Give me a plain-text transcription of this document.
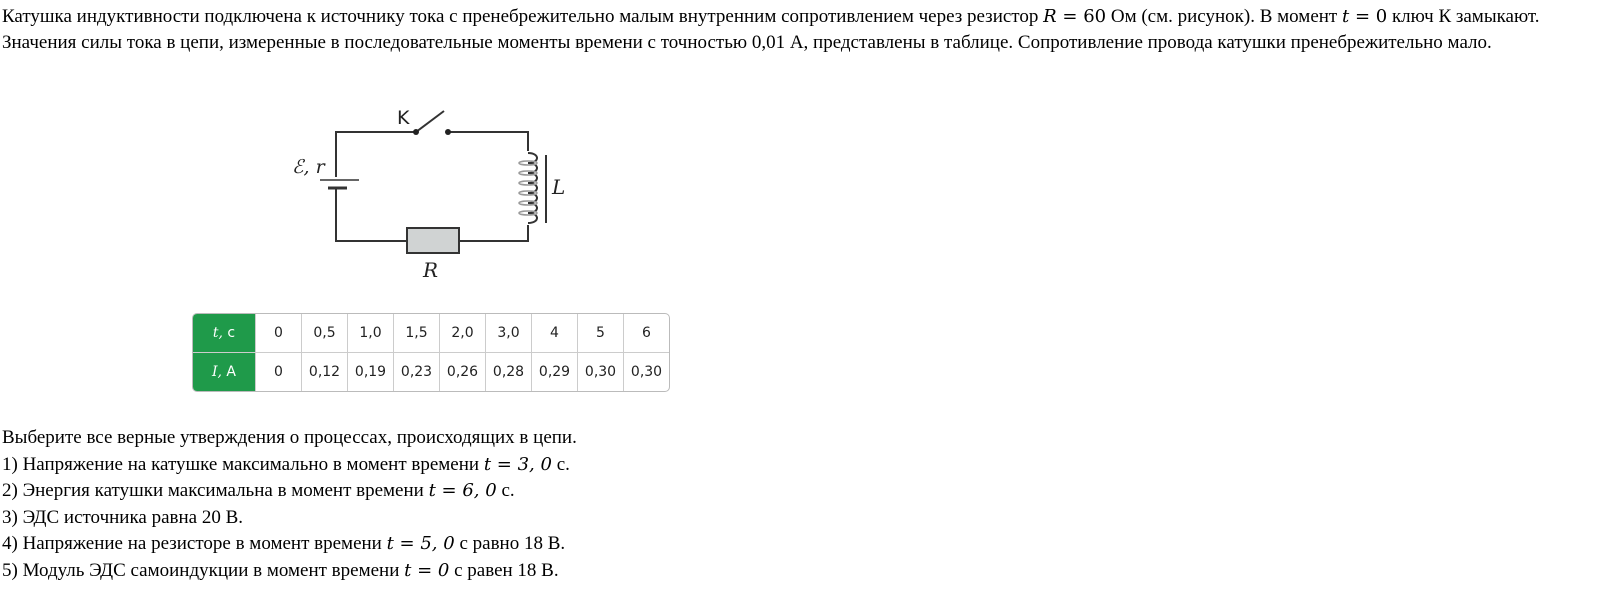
Катушка индуктивности подключена к источнику тока с пренебрежительно малым внутренним сопротивлением через резистор R = 60 Ом (см. рисунок). В момент t = 0 ключ К замыкают. Значения силы тока в цепи, измеренные в последовательные моменты времени с точностью 0,01 А, представлены в таблице. Сопротивление провода катушки пренебрежительно мало.
K
ℰ, r
L
R
t, с	0	0,5	1,0	1,5	2,0	3,0	4	5	6
I, А	0	0,12	0,19	0,23	0,26	0,28	0,29	0,30	0,30
Выберите все верные утверждения о процессах, происходящих в цепи.
1) Напряжение на катушке максимально в момент времени t = 3, 0 с.
2) Энергия катушки максимальна в момент времени t = 6, 0 с.
3) ЭДС источника равна 20 В.
4) Напряжение на резисторе в момент времени t = 5, 0 с равно 18 В.
5) Модуль ЭДС самоиндукции в момент времени t = 0 с равен 18 В.
